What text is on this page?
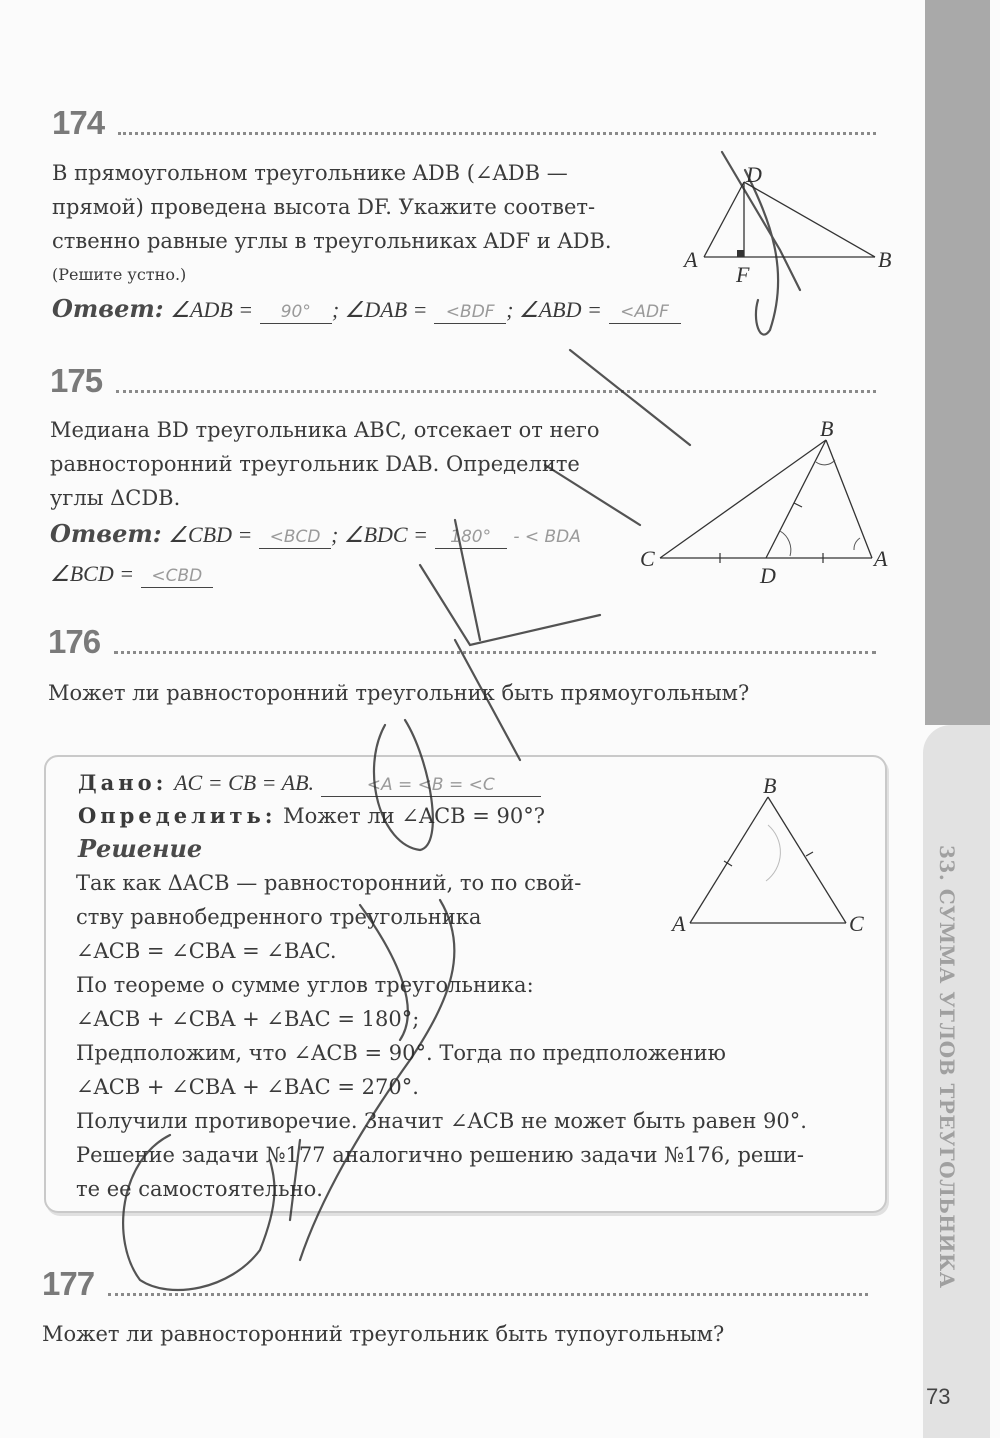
33. СУММА УГЛОВ ТРЕУГОЛЬНИКА
73
174
В прямоугольном треугольнике ADB (∠ADB —
прямой) проведена высота DF. Укажите соответ-
ственно равные углы в треугольниках ADF и ADB.
(Решите устно.)
Ответ: ∠ADB = 90° ; ∠DAB = <BDF ; ∠ABD = <ADF
D
A
F
B
175
Медиана BD треугольника ABC, отсекает от него
равносторонний треугольник DAB. Определите
углы ΔCDB.
Ответ: ∠CBD = <BCD ; ∠BDC = 180° - < BDA
∠BCD = <CBD
B
C
D
A
176
Может ли равносторонний треугольник быть прямоугольным?
Дано: AC = CB = AB.	<A = <B = <C
Определить: Может ли ∠ACB = 90°?
Решение
Так как ΔACB — равносторонний, то по свой-
ству равнобедренного треугольника
∠ACB = ∠CBA = ∠BAC.
По теореме о сумме углов треугольника:
∠ACB + ∠CBA + ∠BAC = 180°;
Предположим, что ∠ACB = 90°. Тогда по предположению
∠ACB + ∠CBA + ∠BAC = 270°.
Получили противоречие. Значит ∠ACB не может быть равен 90°.
Решение задачи №177 аналогично решению задачи №176, реши-
те ее самостоятельно.
B
A	C
177
Может ли равносторонний треугольник быть тупоугольным?
